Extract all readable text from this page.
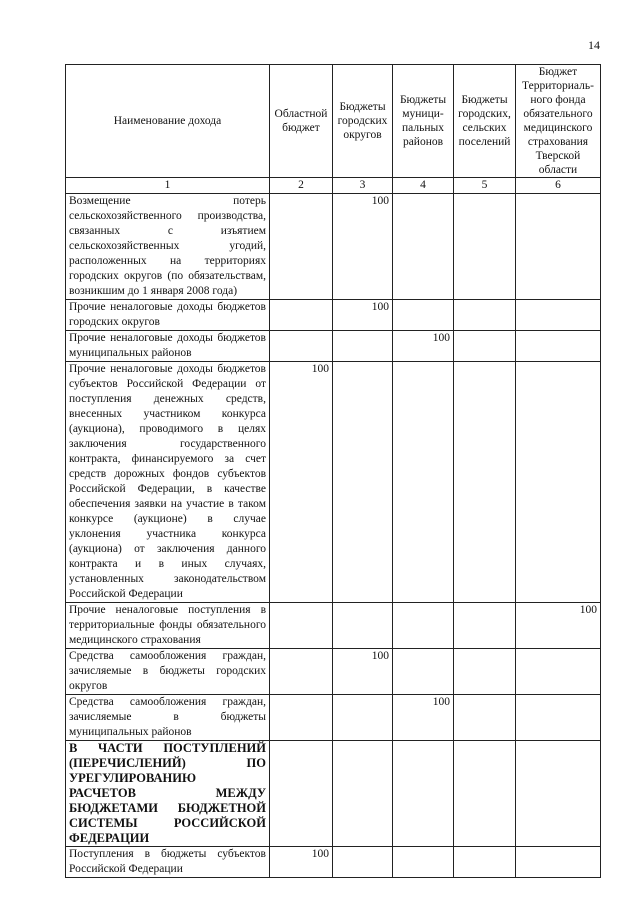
14
Наименование дохода	Областной бюджет	Бюджеты городских округов	Бюджеты муници-пальных районов	Бюджеты городских, сельских поселений	Бюджет Территориаль-ного фонда обязательного медицинского страхования Тверской области
1	2	3	4	5	6
Возмещение потерь сельскохозяйственного производства, связанных с изъятием сельскохозяйственных угодий, расположенных на территориях городских округов (по обязательствам, возникшим до 1 января 2008 года)		100			
Прочие неналоговые доходы бюджетов городских округов		100			
Прочие неналоговые доходы бюджетов муниципальных районов			100		
Прочие неналоговые доходы бюджетов субъектов Российской Федерации от поступления денежных средств, внесенных участником конкурса (аукциона), проводимого в целях заключения государственного контракта, финансируемого за счет средств дорожных фондов субъектов Российской Федерации, в качестве обеспечения заявки на участие в таком конкурсе (аукционе) в случае уклонения участника конкурса (аукциона) от заключения данного контракта и в иных случаях, установленных законодательством Российской Федерации	100				
Прочие неналоговые поступления в территориальные фонды обязательного медицинского страхования					100
Средства самообложения граждан, зачисляемые в бюджеты городских округов		100			
Средства самообложения граждан, зачисляемые в бюджеты муниципальных районов			100		
В ЧАСТИ ПОСТУПЛЕНИЙ (ПЕРЕЧИСЛЕНИЙ) ПО УРЕГУЛИРОВАНИЮ РАСЧЕТОВ МЕЖДУ БЮДЖЕТАМИ БЮДЖЕТНОЙ СИСТЕМЫ РОССИЙСКОЙ ФЕДЕРАЦИИ					
Поступления в бюджеты субъектов Российской Федерации	100				
